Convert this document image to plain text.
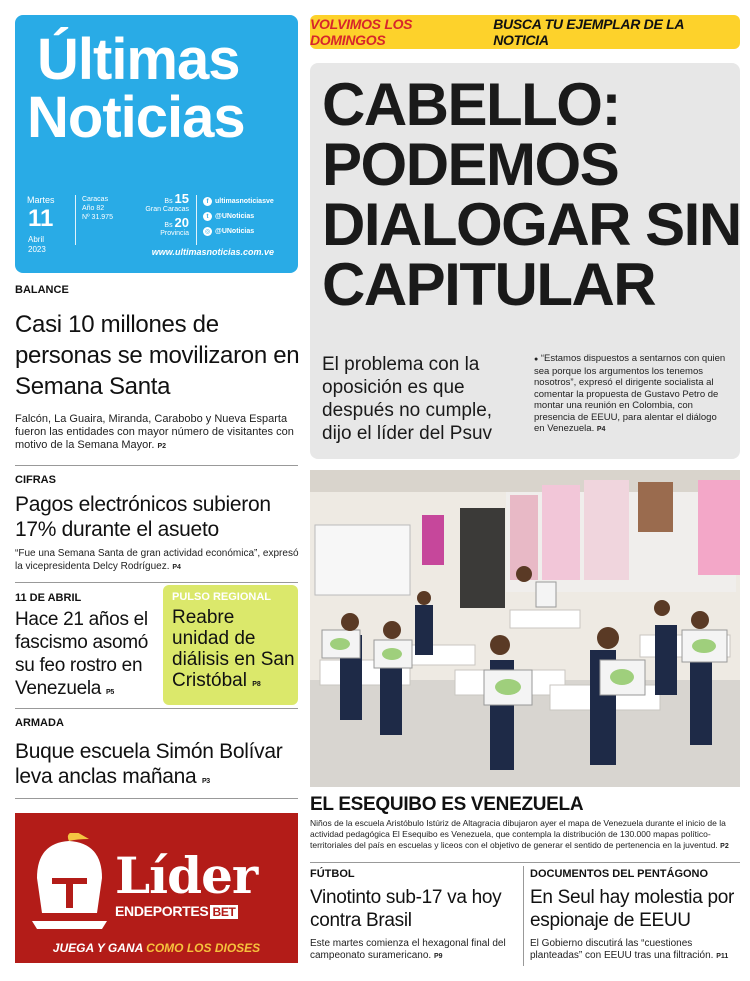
Últimas
Noticias
Martes
11
Abril
2023
Caracas
Año 82
Nº 31.975
Bs 15
Gran Caracas
Bs 20
Provincia
f ultimasnoticiasve
t @UNoticias
◎ @UNoticias
www.ultimasnoticias.com.ve
VOLVIMOS LOS DOMINGOS
BUSCA TU EJEMPLAR DE LA NOTICIA
CABELLO:
PODEMOS
DIALOGAR SIN
CAPITULAR
El problema con la oposición es que después no cumple, dijo el líder del Psuv
● “Estamos dispuestos a sentarnos con quien sea porque los argumentos los tenemos nosotros”, expresó el dirigente socialista al comentar la propuesta de Gustavo Petro de montar una reunión en Colombia, con presencia de EEUU, para alentar el diálogo en Venezuela. P4
BALANCE
Casi 10 millones de personas se movilizaron en Semana Santa
Falcón, La Guaira, Miranda, Carabobo y Nueva Esparta fueron las entidades con mayor número de visitantes con motivo de la Semana Mayor. P2
CIFRAS
Pagos electrónicos subieron 17% durante el asueto
“Fue una Semana Santa de gran actividad económica”, expresó la vicepresidenta Delcy Rodríguez. P4
11 DE ABRIL
Hace 21 años el fascismo asomó su feo rostro en Venezuela P5
PULSO REGIONAL
Reabre unidad de diálisis en San Cristóbal P8
ARMADA
Buque escuela Simón Bolívar leva anclas mañana P3
EL ESEQUIBO ES VENEZUELA
Niños de la escuela Aristóbulo Istúriz de Altagracia dibujaron ayer el mapa de Venezuela durante el inicio de la actividad pedagógica El Esequibo es Venezuela, que contempla la distribución de 130.000 mapas político-territoriales del país en escuelas y liceos con el objetivo de generar el sentido de pertenencia en la juventud. P2
FÚTBOL
Vinotinto sub-17 va hoy contra Brasil
Este martes comienza el hexagonal final del campeonato suramericano. P9
DOCUMENTOS DEL PENTÁGONO
En Seul hay molestia por espionaje de EEUU
El Gobierno discutirá las “cuestiones planteadas” con EEUU tras una filtración. P11
Líder
ENDEPORTES BET
JUEGA Y GANA COMO LOS DIOSES
